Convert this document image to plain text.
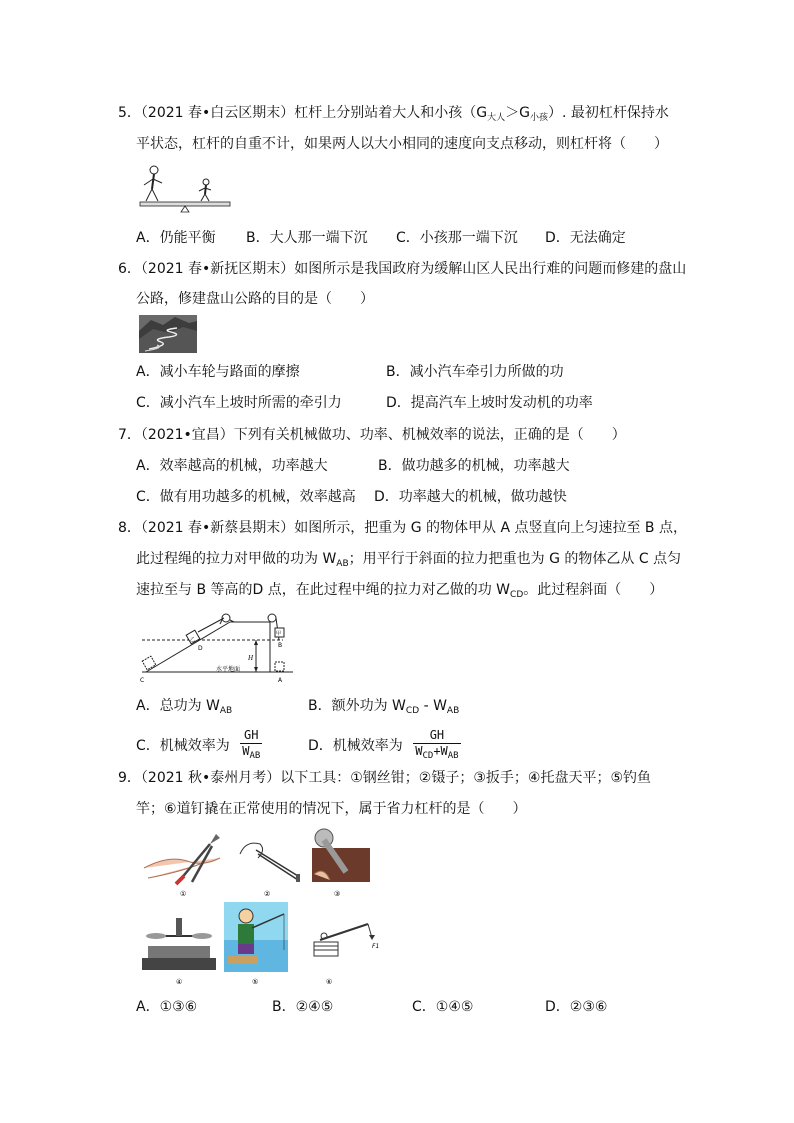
5．（2021 春•白云区期末）杠杆上分别站着大人和小孩$(G_{大人}>G_{小孩})$. 最初杠杆保持水
平状态，杠杆的自重不计，如果两人以大小相同的速度向支点移动，则杠杆将（　　）
A．仍能平衡 B．大人那一端下沉 C．小孩那一端下沉 D．无法确定
6．（2021 春•新抚区期末）如图所示是我国政府为缓解山区人民出行难的问题而修建的盘山
公路，修建盘山公路的目的是（　　）
A．减小车轮与路面的摩擦	B．减小汽车牵引力所做的功
C．减小汽车上坡时所需的牵引力	D．提高汽车上坡时发动机的功率
7．（2021•宜昌）下列有关机械做功、功率、机械效率的说法，正确的是（　　）
A．效率越高的机械，功率越大	B．做功越多的机械，功率越大
C．做有用功越多的机械，效率越高 D．功率越大的机械，做功越快
8．（2021 春•新蔡县期末）如图所示，把重为 G 的物体甲从 A 点竖直向上匀速拉至 B 点，
此过程绳的拉力对甲做的功为 $W_{AB}$；用平行于斜面的拉力把重也为 G 的物体乙从 C 点匀
速拉至与 B 等高的D 点，在此过程中绳的拉力对乙做的功 $W_{CD}$。此过程斜面（　　）
H
水平地面
C
D	B
A
乙
甲
A．总功为 $W_{AB}$	B．额外功为 $W_{CD} - W_{AB}$
C．机械效率为 $\frac{GH}{W_{AB}}$	D．机械效率为 $\frac{GH}{W_{CD}+W_{AB}}$
9．（2021 秋•泰州月考）以下工具：①钢丝钳；②镊子；③扳手；④托盘天平；⑤钓鱼
竿；⑥道钉撬在正常使用的情况下，属于省力杠杆的是（　　）
①	②	③
④	⑤
F1
⑥
A．①③⑥	B．②④⑤	C．①④⑤	D．②③⑥
